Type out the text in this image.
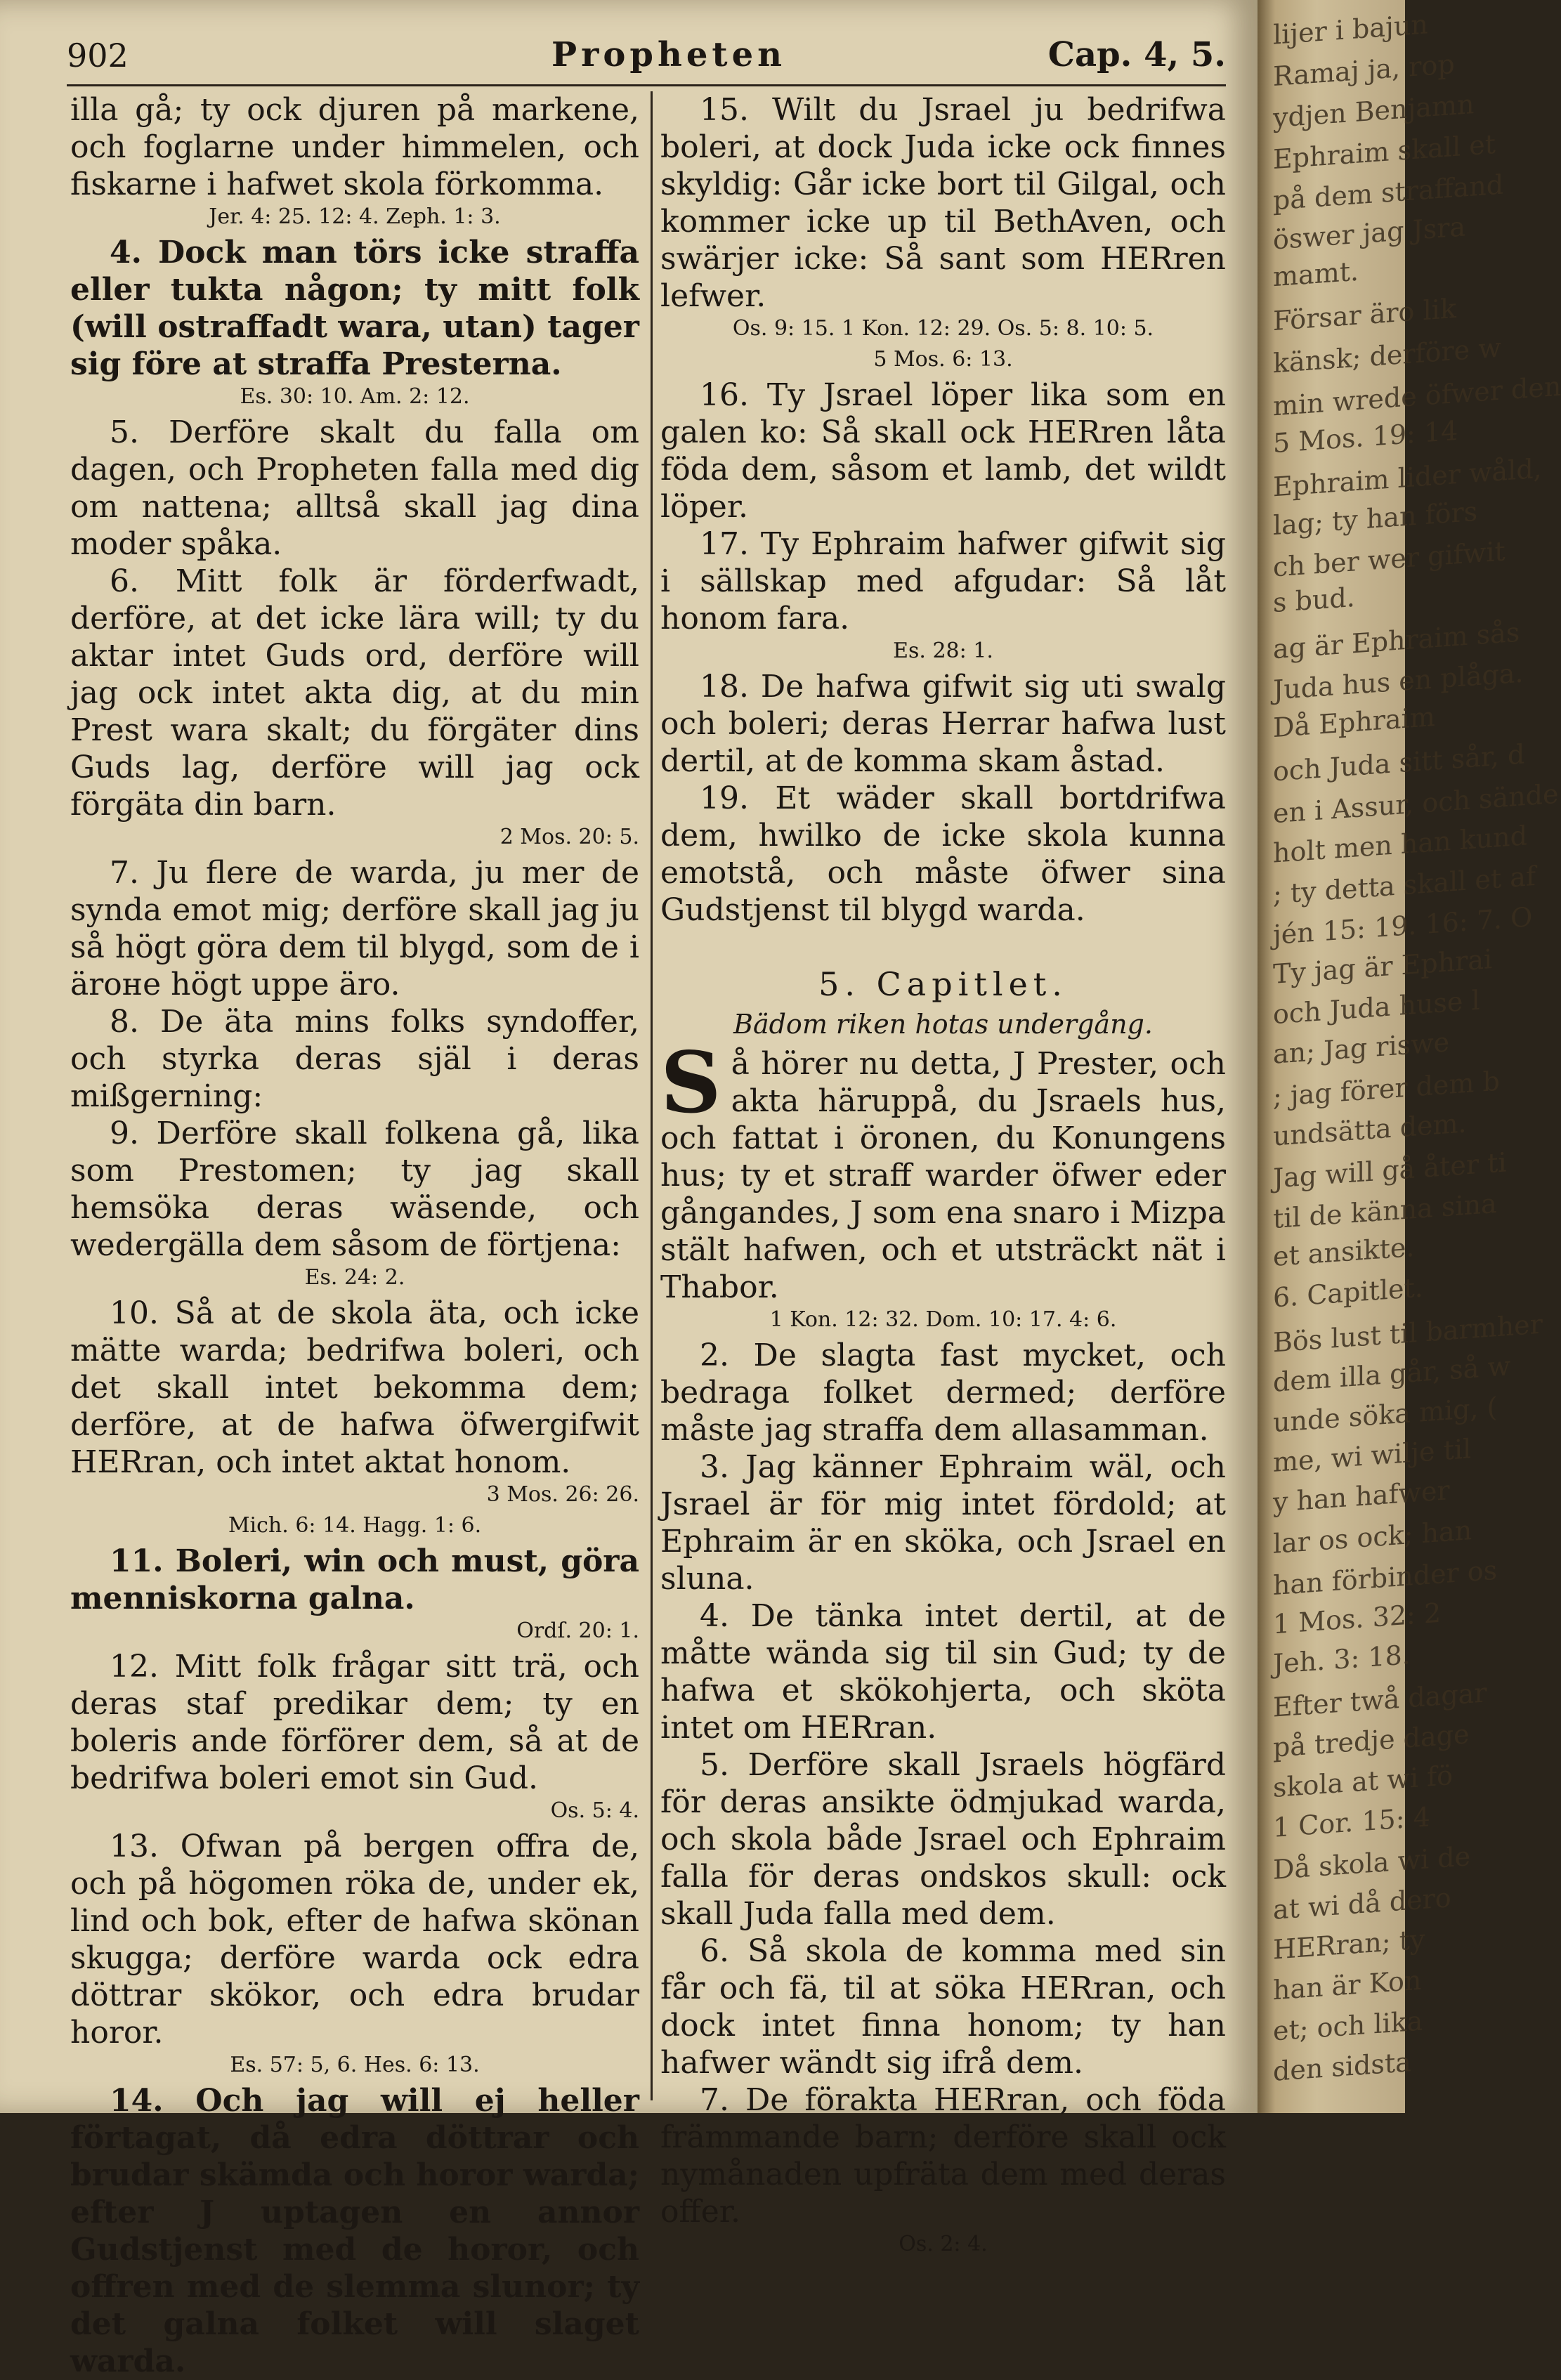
902	Propheten	Cap. 4, 5.

illa gå; ty ock djuren på markene, och foglarne under himmelen, och fiskarne i hafwet skola förkomma.

Jer. 4: 25. 12: 4. Zeph. 1: 3.

4. Dock man törs icke straffa eller tukta någon; ty mitt folk (will ostraffadt wara, utan) tager sig före at straffa Presterna.

Es. 30: 10. Am. 2: 12.

5. Derföre skalt du falla om dagen, och Propheten falla med dig om nattena; alltså skall jag dina moder spåka.

6. Mitt folk är förderfwadt, derföre, at det icke lära will; ty du aktar intet Guds ord, derföre will jag ock intet akta dig, at du min Prest wara skalt; du förgäter dins Guds lag, derföre will jag ock förgäta din barn.

2 Mos. 20: 5.

7. Ju flere de warda, ju mer de synda emot mig; derföre skall jag ju så högt göra dem til blygd, som de i äroне högt uppe äro.

8. De äta mins folks syndoffer, och styrka deras själ i deras mißgerning:

9. Derföre skall folkena gå, lika som Prestomen; ty jag skall hemsöka deras wäsende, och wedergälla dem såsom de förtjena:

Es. 24: 2.

10. Så at de skola äta, och icke mätte warda; bedrifwa boleri, och det skall intet bekomma dem; derföre, at de hafwa öfwergifwit HERran, och intet aktat honom.

3 Mos. 26: 26.
Mich. 6: 14. Hagg. 1: 6.

11. Boleri, win och must, göra menniskorna galna.

Ordſ. 20: 1.

12. Mitt folk frågar sitt trä, och deras staf predikar dem; ty en boleris ande förförer dem, så at de bedrifwa boleri emot sin Gud.

Os. 5: 4.

13. Ofwan på bergen offra de, och på högomen röka de, under ek, lind och bok, efter de hafwa skönan skugga; derföre warda ock edra döttrar skökor, och edra brudar horor.

Es. 57: 5, 6. Hes. 6: 13.

14. Och jag will ej heller förtagat, då edra döttrar och brudar skämda och horor warda; efter J uptagen en annor Gudstjenst med de horor, och offren med de slemma slunor; ty det galna folket will slaget warda.

15. Wilt du Jsrael ju bedrifwa boleri, at dock Juda icke ock finnes skyldig: Går icke bort til Gilgal, och kommer icke up til BethAven, och swärjer icke: Så sant som HERren lefwer.

Os. 9: 15. 1 Kon. 12: 29. Os. 5: 8. 10: 5.
5 Mos. 6: 13.

16. Ty Jsrael löper lika som en galen ko: Så skall ock HERren låta föda dem, såsom et lamb, det wildt löper.

17. Ty Ephraim hafwer gifwit sig i sällskap med afgudar: Så låt honom fara.

Es. 28: 1.

18. De hafwa gifwit sig uti swalg och boleri; deras Herrar hafwa lust dertil, at de komma skam åstad.

19. Et wäder skall bortdrifwa dem, hwilko de icke skola kunna emotstå, och måste öfwer sina Gudstjenst til blygd warda.

5. Capitlet.
Bädom riken hotas undergång.

Så hörer nu detta, J Prester, och akta häruppå, du Jsraels hus, och fattat i öronen, du Konungens hus; ty et straff warder öfwer eder gångandes, J som ena snaro i Mizpa stält hafwen, och et utsträckt nät i Thabor.

1 Kon. 12: 32. Dom. 10: 17. 4: 6.

2. De slagta fast mycket, och bedraga folket dermed; derföre måste jag straffa dem allasamman.

3. Jag känner Ephraim wäl, och Jsrael är för mig intet fördold; at Ephraim är en sköka, och Jsrael en sluna.

4. De tänka intet dertil, at de måtte wända sig til sin Gud; ty de hafwa et skökohjerta, och sköta intet om HERran.

5. Derföre skall Jsraels högfärd för deras ansikte ödmjukad warda, och skola både Jsrael och Ephraim falla för deras ondskos skull: ock skall Juda falla med dem.

6. Så skola de komma med sin får och fä, til at söka HERran, och dock intet finna honom; ty han hafwer wändt sig ifrå dem.

7. De förakta HERran, och föda främmande barn; derföre skall ock nymånaden upfräta dem med deras offer.

Os. 2: 4.
lijer i bajun
Ramaj ja, rop
ydjen Benjamn
Ephraim skall et
på dem straffand
öswer jag Jsra
mamt.
Försar äro lik
känsk; derföre w
min wrede öfwer den
5 Mos. 19: 14
Ephraim lider wåld,
lag; ty han förs
ch ber wer gifwit
s bud.
ag är Ephraim sås
Juda hus en plåga.
Då Ephraim
och Juda sitt sår, d
en i Assur, och sände
holt men han kund
; ty detta skall et af
jén 15: 19. 16: 7. O
Ty jag är Ephrai
och Juda huse l
an; Jag riswe
; jag förer dem b
undsätta dem.
Jag will gå åter ti
til de känna sina
et ansikte.
6. Capitlet.
Bös lust til barmher
dem illa går, så w
unde söka mig, (
me, wi wilje til
y han hafwer
lar os ock; han
han förbinder os
1 Mos. 32: 2
Jeh. 3: 18.
Efter twå dagar
på tredje dage
skola at wi fö
1 Cor. 15: 4
Då skola wi de
at wi då dero
HERran; ty
han är Kon
et; och lika
den sidsta
